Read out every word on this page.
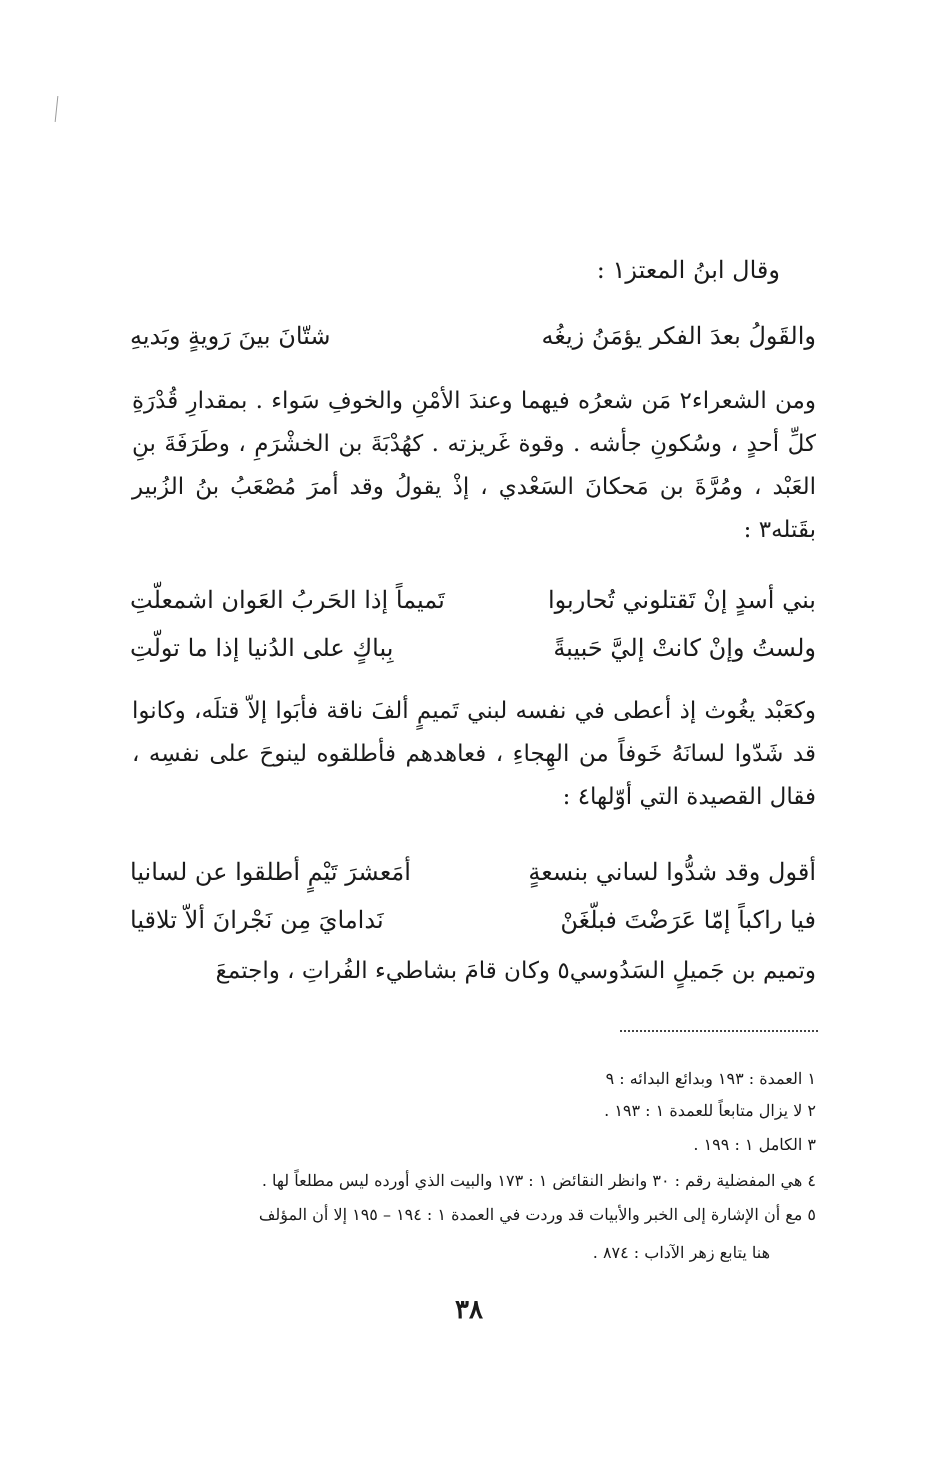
وقال ابنُ المعتز١ :
والقَولُ بعدَ الفكر يؤمَنُ زيغُه
شتّانَ بينَ رَويةٍ وبَديهِ

ومن الشعراء٢ مَن شعرُه فيهما وعندَ الأمْنِ والخوفِ سَواء . بمقدارِ قُدْرَةِ كلِّ أحدٍ ، وسُكونِ جأشه . وقوة غَريزته . كهُدْبَةَ بن الخشْرَمِ ، وطَرَفَةَ بنِ العَبْد ، ومُرَّةَ بن مَحكانَ السَعْدي ، إذْ يقولُ وقد أمرَ مُصْعَبُ بنُ الزُبير بقَتله٣ :

بني أسدٍ إنْ تَقتلوني تُحاربوا
تَميماً إذا الحَربُ العَوان اشمعلّتِ
ولستُ وإنْ كانتْ إليَّ حَبيبةً
بِباكٍ على الدُنيا إذا ما تولّتِ

وكعَبْد يغُوث إذ أعطى في نفسه لبني تَميمٍ ألفَ ناقة فأبَوا إلاّ قتلَه، وكانوا قد شَدّوا لسانَهُ خَوفاً من الهِجاءِ ، فعاهدهم فأطلقوه لينوحَ على نفسِه ، فقال القصيدة التي أوّلها٤ :

أقول وقد شدُّوا لساني بنسعةٍ
أمَعشرَ تَيْمٍ أطلقوا عن لسانيا
فيا راكباً إمّا عَرَضْتَ فبلّغَنْ
نَدامايَ مِن نَجْرانَ ألاّ تلاقيا

وتميم بن جَميلٍ السَدُوسي٥ وكان قامَ بشاطيء الفُراتِ ، واجتمعَ

١ العمدة : ١٩٣ وبدائع البدائه : ٩
٢ لا يزال متابعاً للعمدة ١ : ١٩٣ .
٣ الكامل ١ : ١٩٩ .
٤ هي المفضلية رقم : ٣٠ وانظر النقائض ١ : ١٧٣ والبيت الذي أورده ليس مطلعاً لها .
٥ مع أن الإشارة إلى الخبر والأبيات قد وردت في العمدة ١ : ١٩٤ – ١٩٥ إلا أن المؤلف
هنا يتابع زهر الآداب : ٨٧٤ .
٣٨
